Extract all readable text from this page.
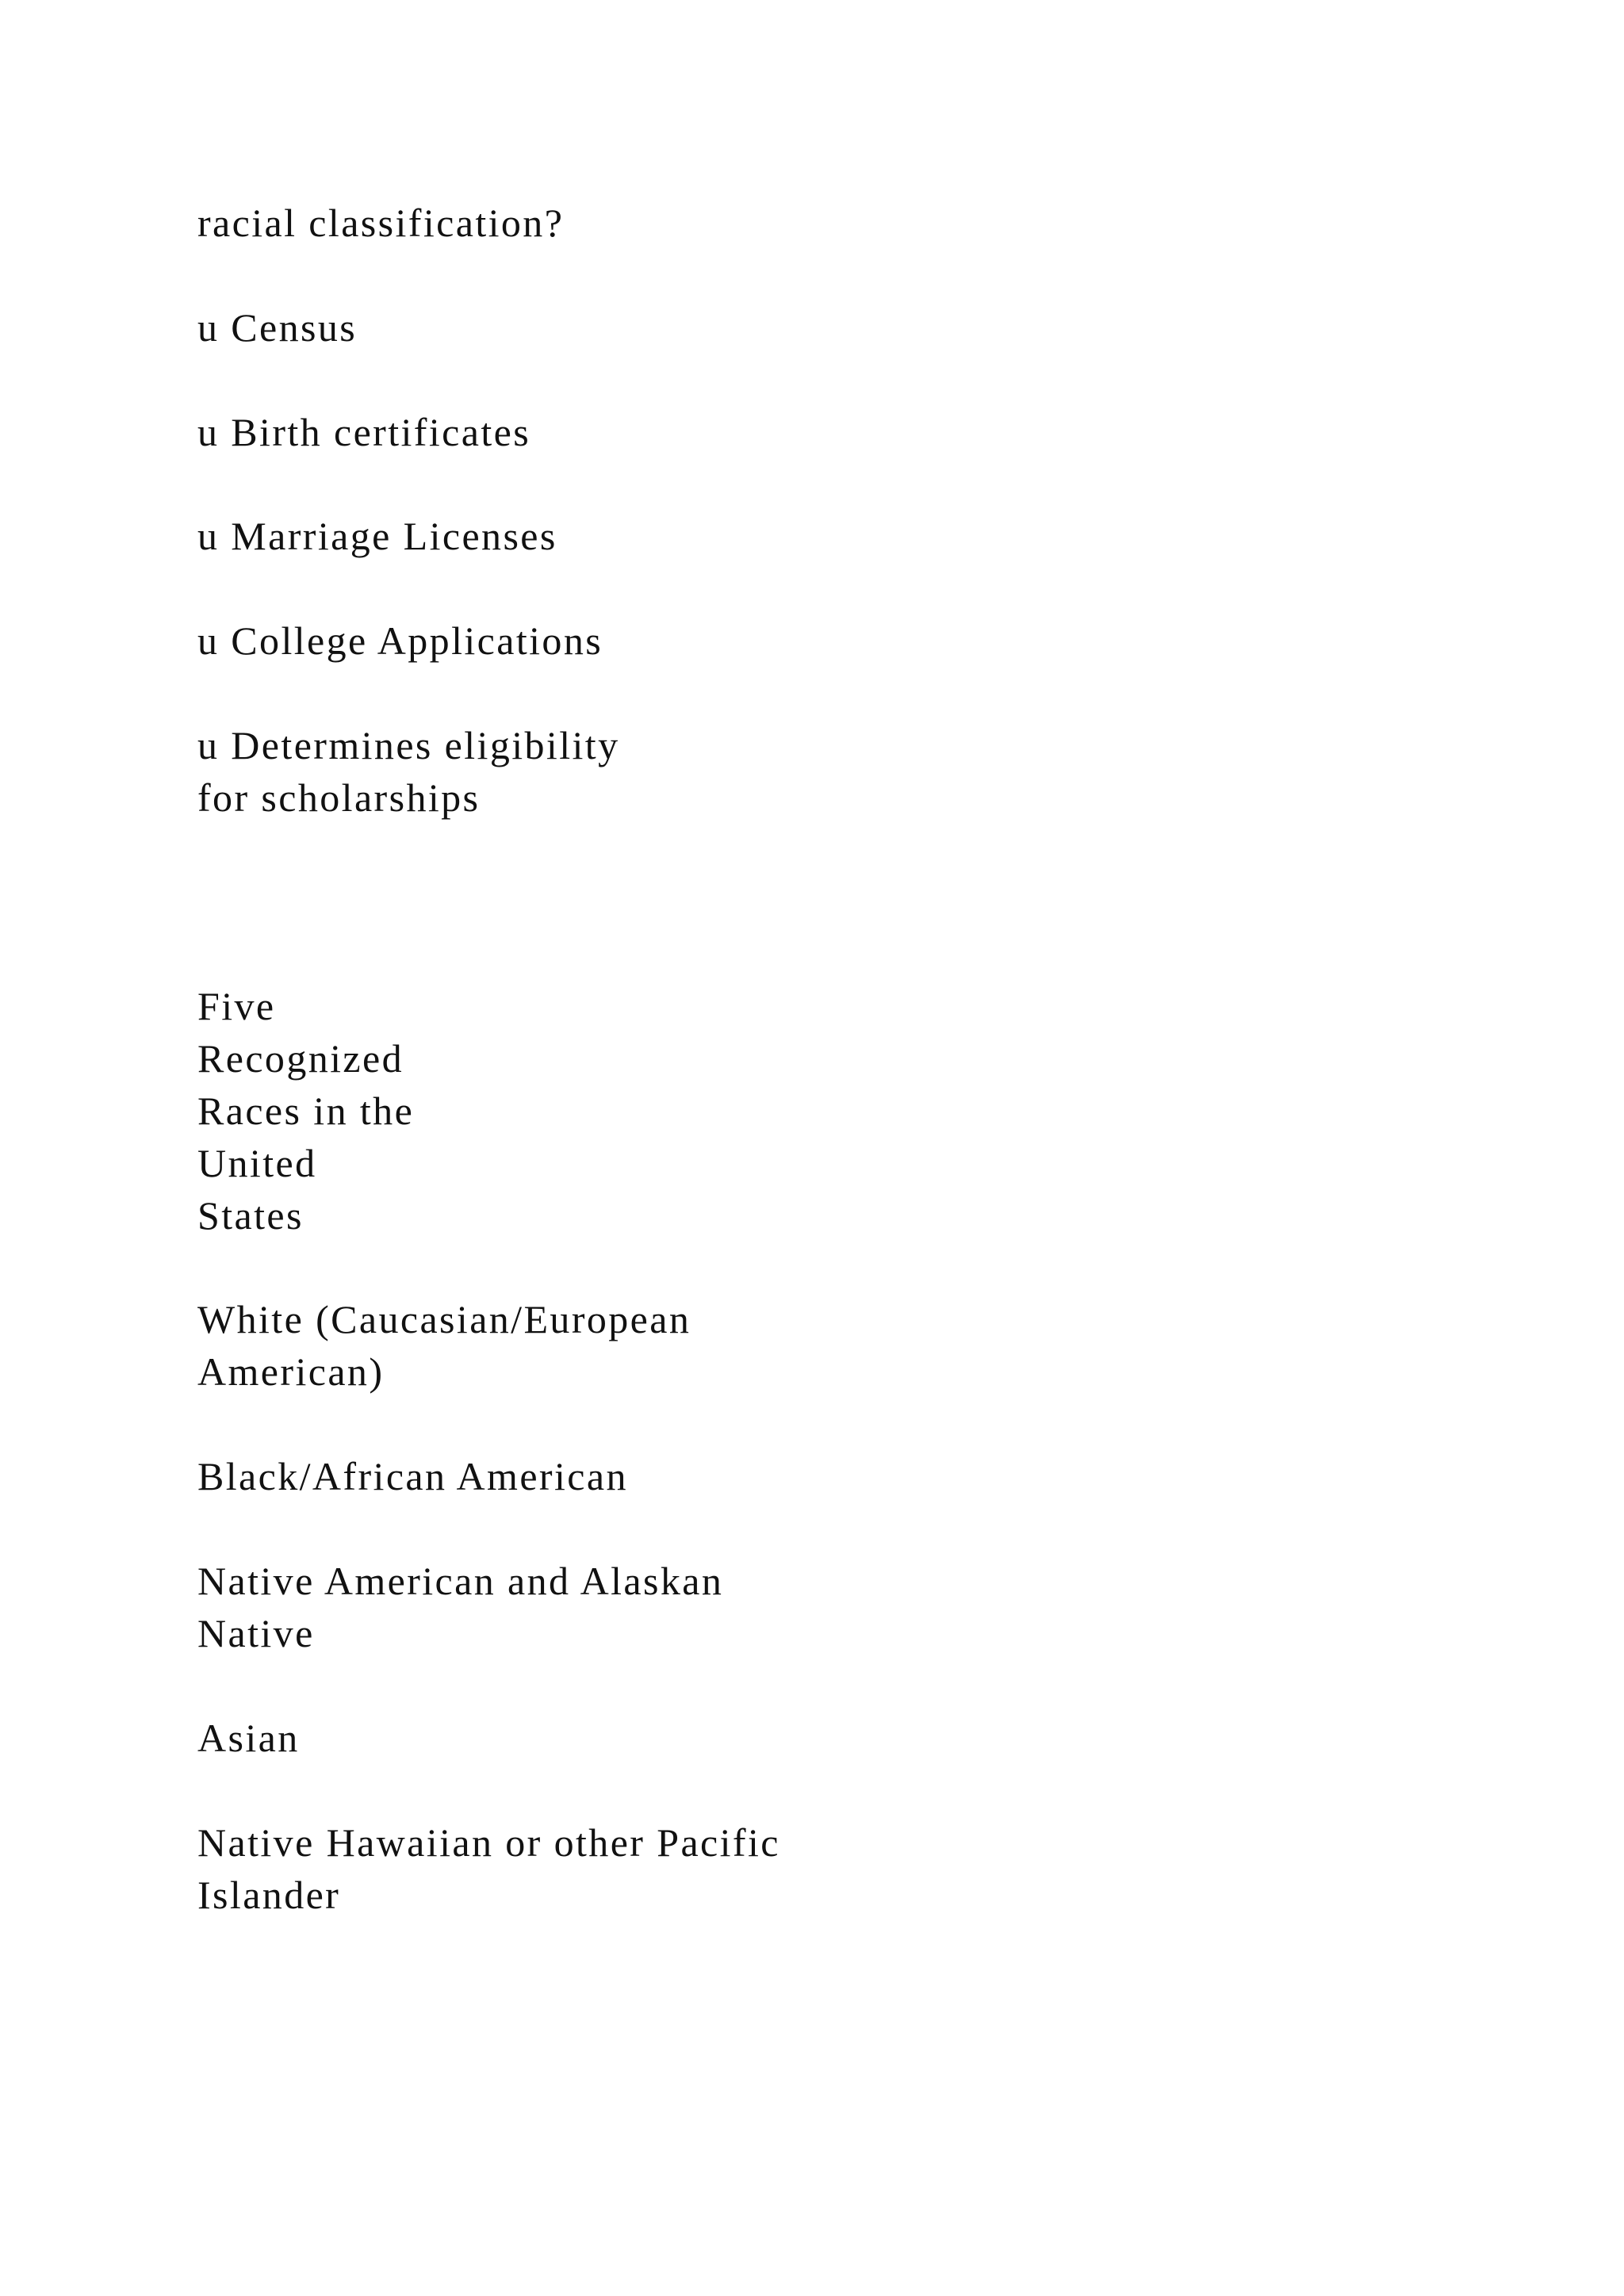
racial classification?

u Census

u Birth certificates

u Marriage Licenses

u College Applications

u Determines eligibility

for scholarships

Five

Recognized

Races in the

United

States

White (Caucasian/European

American)

Black/African American

Native American and Alaskan

Native

Asian

Native Hawaiian or other Pacific

Islander
